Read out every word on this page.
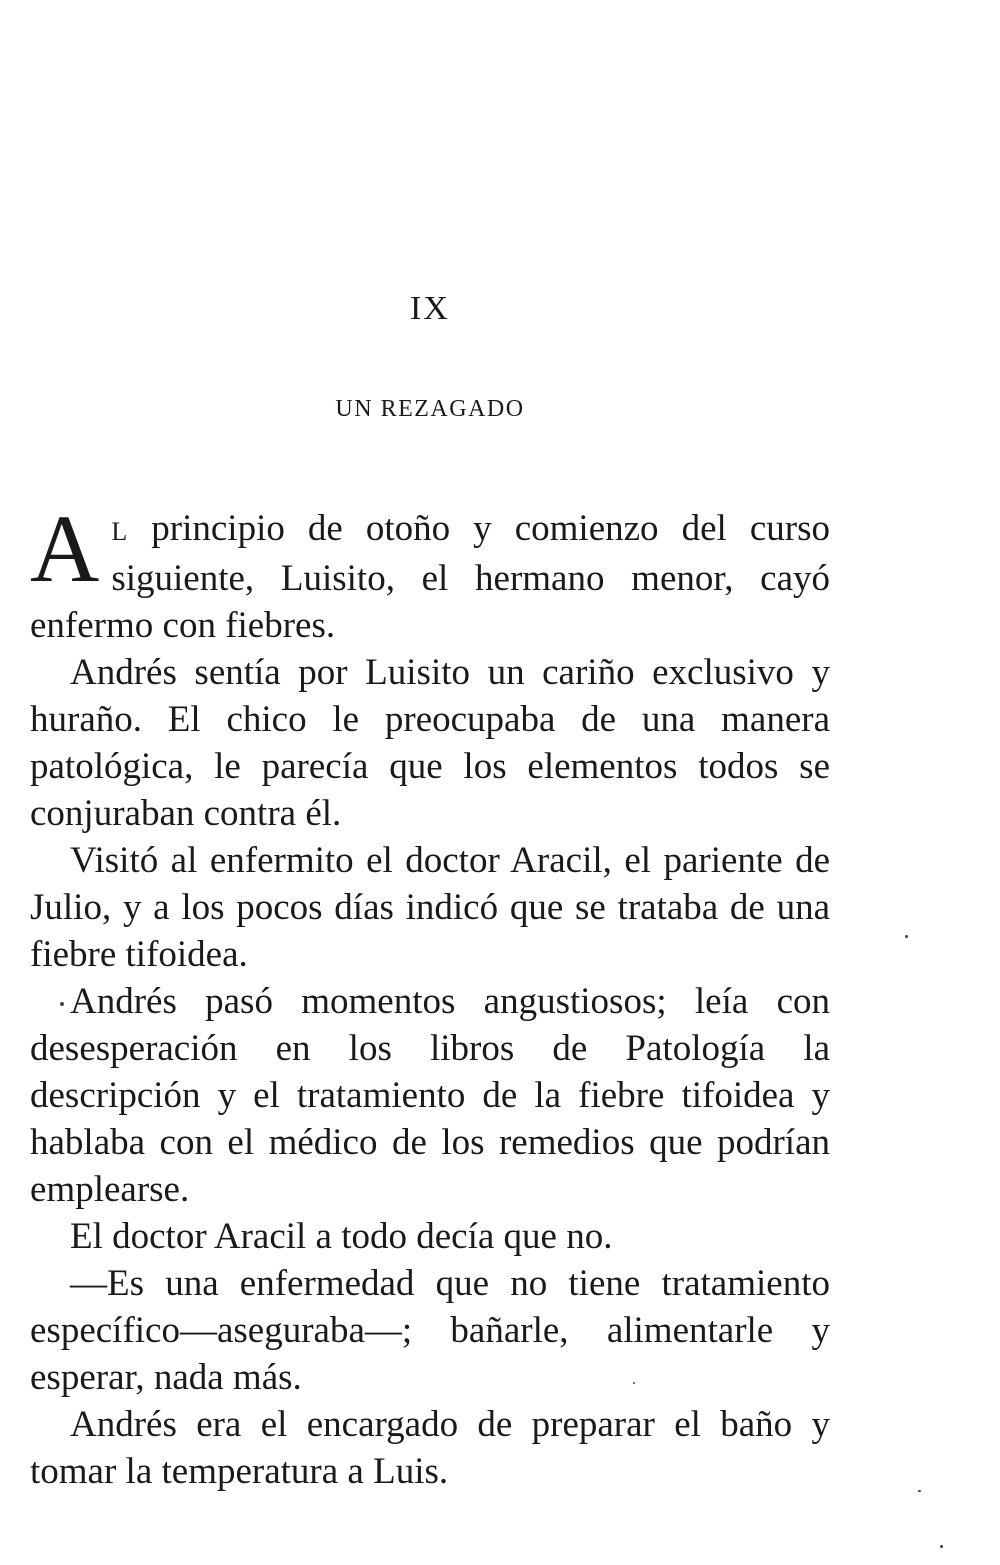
IX
UN REZAGADO

A L principio de otoño y comienzo del curso siguiente, Luisito, el hermano menor, cayó enfermo con fiebres.

Andrés sentía por Luisito un cariño exclusivo y huraño. El chico le preocupaba de una manera patológica, le parecía que los elementos todos se conjuraban contra él.

Visitó al enfermito el doctor Aracil, el pariente de Julio, y a los pocos días indicó que se trataba de una fiebre tifoidea.

Andrés pasó momentos angustiosos; leía con desesperación en los libros de Patología la descripción y el tratamiento de la fiebre tifoidea y hablaba con el médico de los remedios que podrían emplearse.

El doctor Aracil a todo decía que no.

—Es una enfermedad que no tiene tratamiento específico—aseguraba—; bañarle, alimentarle y esperar, nada más.

Andrés era el encargado de preparar el baño y tomar la temperatura a Luis.
